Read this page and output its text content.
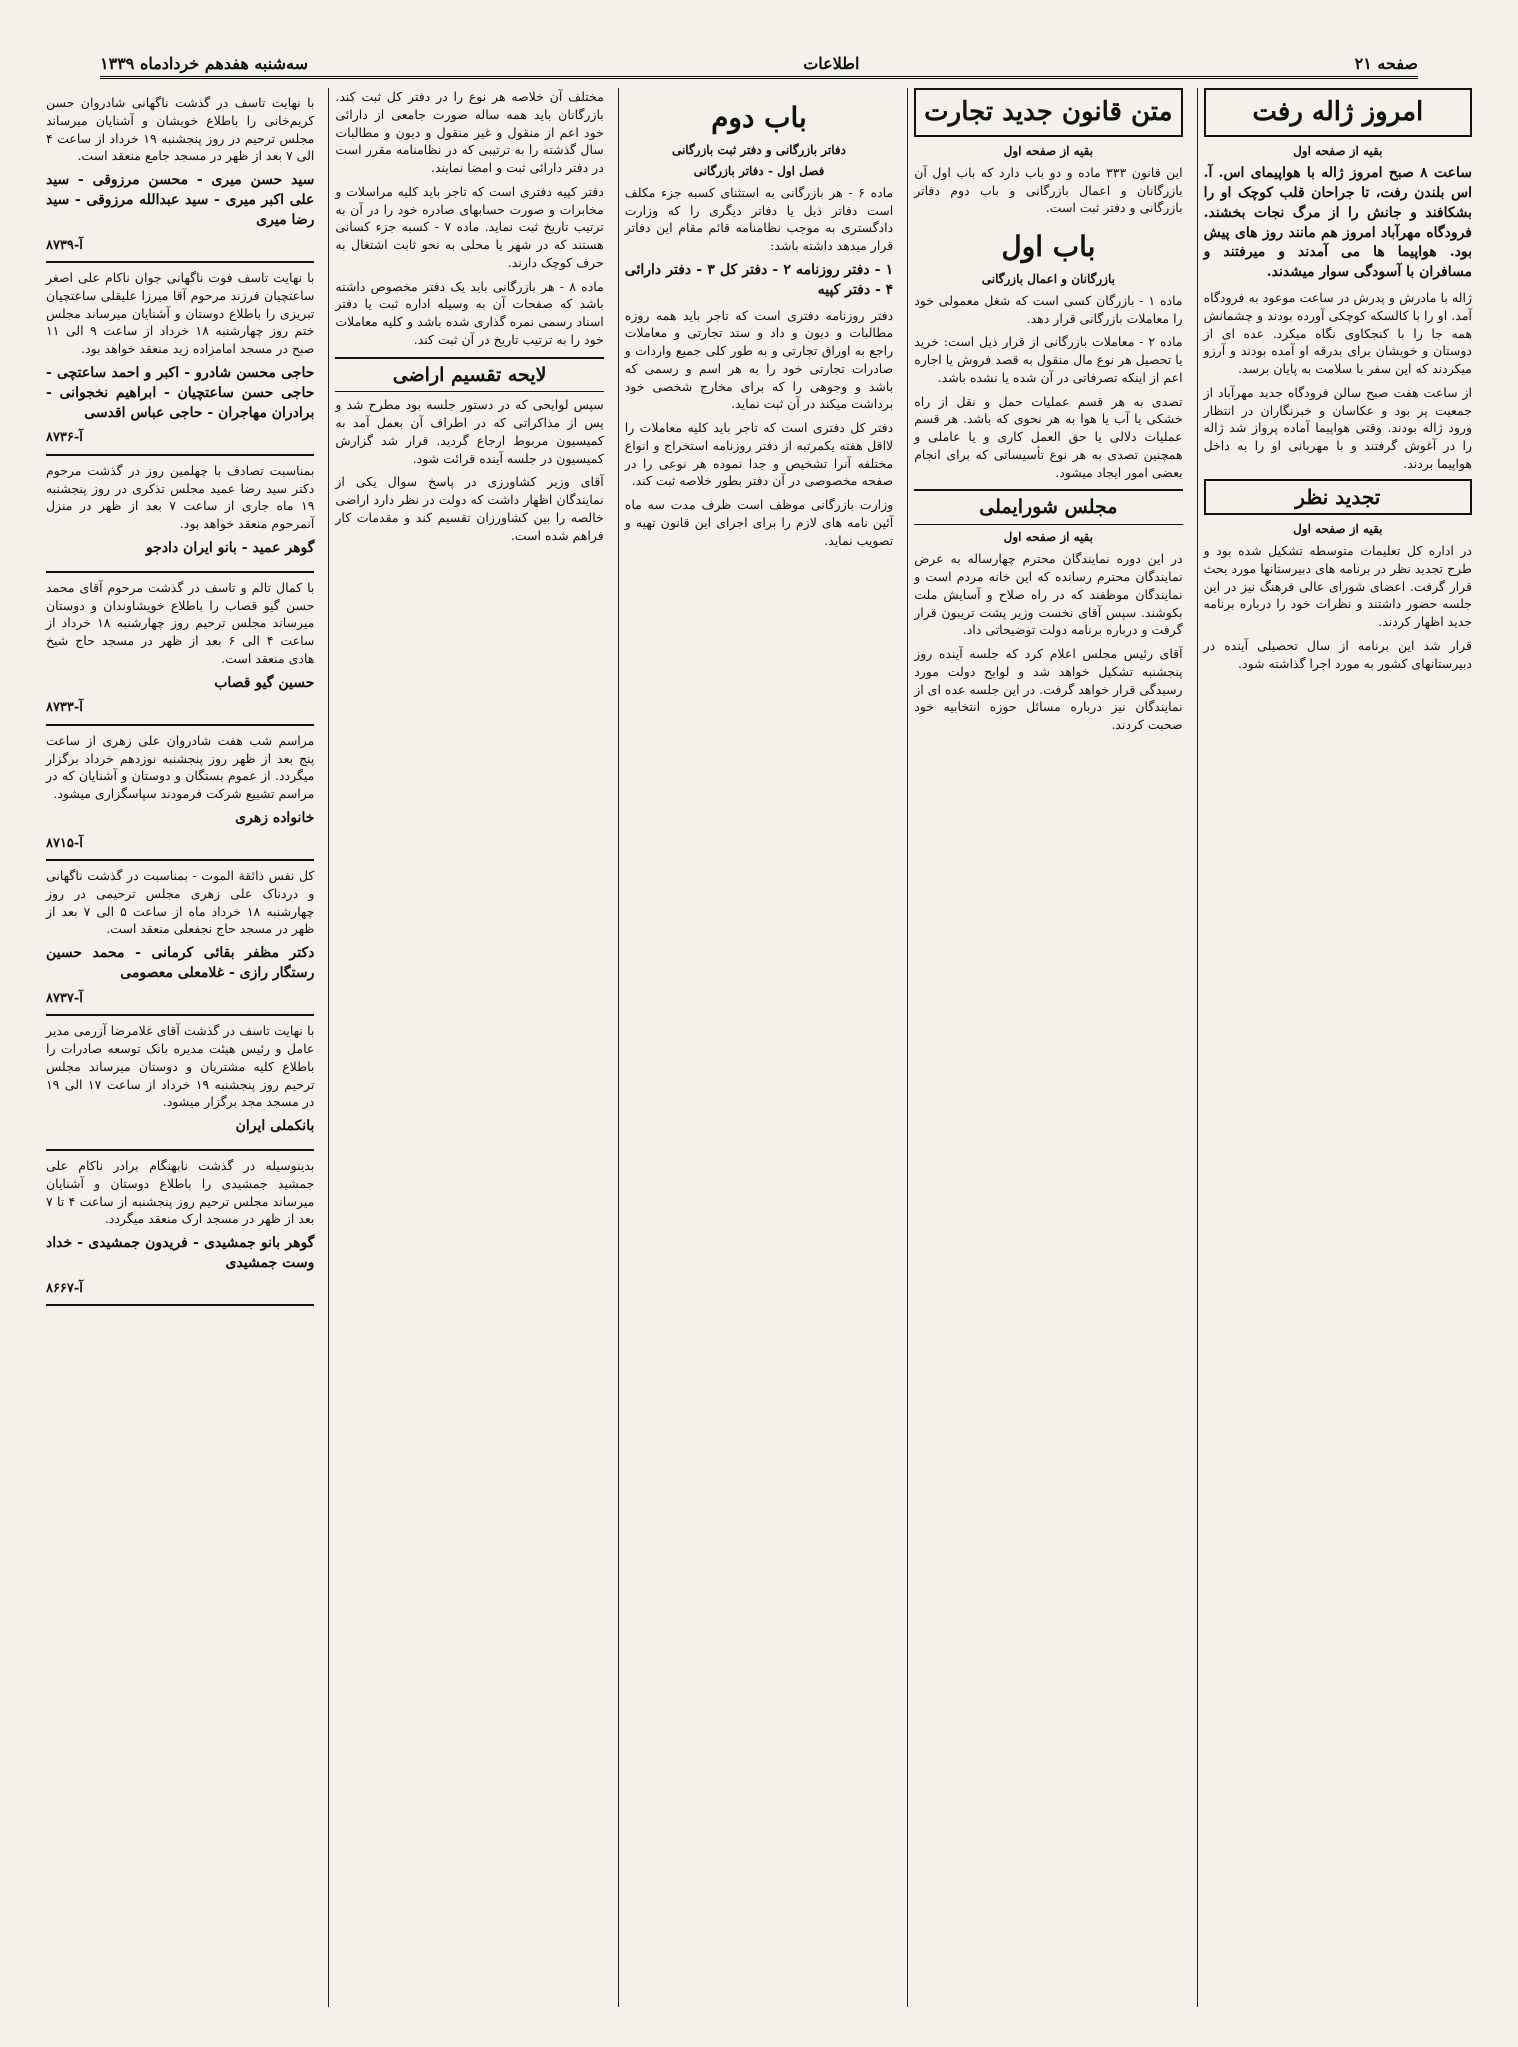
صفحه ۲۱
اطلاعات
سه‌شنبه هفدهم خردادماه ۱۳۳۹
امروز ژاله رفت
بقیه از صفحه اول

ساعت ۸ صبح امروز ژاله با هواپیمای اس. آ. اس بلندن رفت، تا جراحان قلب کوچک او را بشکافند و جانش را از مرگ نجات بخشند. فرودگاه مهرآباد امروز هم مانند روز های پیش بود. هواپیما ها می آمدند و میرفتند و مسافران با آسودگی سوار میشدند.

ژاله با مادرش و پدرش در ساعت موعود به فرودگاه آمد. او را با کالسکه کوچکی آورده بودند و چشمانش همه جا را با کنجکاوی نگاه میکرد. عده ای از دوستان و خویشان برای بدرقه او آمده بودند و آرزو میکردند که این سفر با سلامت به پایان برسد.

از ساعت هفت صبح سالن فرودگاه جدید مهرآباد از جمعیت پر بود و عکاسان و خبرنگاران در انتظار ورود ژاله بودند. وقتی هواپیما آماده پرواز شد ژاله را در آغوش گرفتند و با مهربانی او را به داخل هواپیما بردند.

تجدید نظر
بقیه از صفحه اول

در اداره کل تعلیمات متوسطه تشکیل شده بود و طرح تجدید نظر در برنامه های دبیرستانها مورد بحث قرار گرفت. اعضای شورای عالی فرهنگ نیز در این جلسه حضور داشتند و نظرات خود را درباره برنامه جدید اظهار کردند.

قرار شد این برنامه از سال تحصیلی آینده در دبیرستانهای کشور به مورد اجرا گذاشته شود.

متن قانون جدید تجارت
بقیه از صفحه اول

این قانون ۳۳۳ ماده و دو باب دارد که باب اول آن بازرگانان و اعمال بازرگانی و باب دوم دفاتر بازرگانی و دفتر ثبت است.

باب اول
بازرگانان و اعمال بازرگانی

ماده ۱ - بازرگان کسی است که شغل معمولی خود را معاملات بازرگانی قرار دهد.

ماده ۲ - معاملات بازرگانی از قرار ذیل است: خرید یا تحصیل هر نوع مال منقول به قصد فروش یا اجاره اعم از اینکه تصرفاتی در آن شده یا نشده باشد.

تصدی به هر قسم عملیات حمل و نقل از راه خشکی یا آب یا هوا به هر نحوی که باشد. هر قسم عملیات دلالی یا حق العمل کاری و یا عاملی و همچنین تصدی به هر نوع تأسیساتی که برای انجام بعضی امور ایجاد میشود.

مجلس شورایملی
بقیه از صفحه اول

در این دوره نمایندگان محترم چهارساله به عرض نمایندگان محترم رسانده که این خانه مردم است و نمایندگان موظفند که در راه صلاح و آسایش ملت بکوشند. سپس آقای نخست وزیر پشت تریبون قرار گرفت و درباره برنامه دولت توضیحاتی داد.

آقای رئیس مجلس اعلام کرد که جلسه آینده روز پنجشنبه تشکیل خواهد شد و لوایح دولت مورد رسیدگی قرار خواهد گرفت. در این جلسه عده ای از نمایندگان نیز درباره مسائل حوزه انتخابیه خود صحبت کردند.

باب دوم
دفاتر بازرگانی و دفتر ثبت بازرگانی
فصل اول - دفاتر بازرگانی

ماده ۶ - هر بازرگانی به استثنای کسبه جزء مکلف است دفاتر ذیل یا دفاتر دیگری را که وزارت دادگستری به موجب نظامنامه قائم مقام این دفاتر قرار میدهد داشته باشد:

۱ - دفتر روزنامه ۲ - دفتر کل ۳ - دفتر دارائی ۴ - دفتر کپیه

دفتر روزنامه دفتری است که تاجر باید همه روزه مطالبات و دیون و داد و ستد تجارتی و معاملات راجع به اوراق تجارتی و به طور کلی جمیع واردات و صادرات تجارتی خود را به هر اسم و رسمی که باشد و وجوهی را که برای مخارج شخصی خود برداشت میکند در آن ثبت نماید.

دفتر کل دفتری است که تاجر باید کلیه معاملات را لااقل هفته یکمرتبه از دفتر روزنامه استخراج و انواع مختلفه آنرا تشخیص و جدا نموده هر نوعی را در صفحه مخصوصی در آن دفتر بطور خلاصه ثبت کند.

وزارت بازرگانی موظف است ظرف مدت سه ماه آئین نامه های لازم را برای اجرای این قانون تهیه و تصویب نماید.

مختلف آن خلاصه هر نوع را در دفتر کل ثبت کند. بازرگانان باید همه ساله صورت جامعی از دارائی خود اعم از منقول و غیر منقول و دیون و مطالبات سال گذشته را به ترتیبی که در نظامنامه مقرر است در دفتر دارائی ثبت و امضا نمایند.

دفتر کپیه دفتری است که تاجر باید کلیه مراسلات و مخابرات و صورت حسابهای صادره خود را در آن به ترتیب تاریخ ثبت نماید. ماده ۷ - کسبه جزء کسانی هستند که در شهر یا محلی به نحو ثابت اشتغال به حرف کوچک دارند.

ماده ۸ - هر بازرگانی باید یک دفتر مخصوص داشته باشد که صفحات آن به وسیله اداره ثبت یا دفتر اسناد رسمی نمره گذاری شده باشد و کلیه معاملات خود را به ترتیب تاریخ در آن ثبت کند.

لایحه تقسیم اراضی

سپس لوایحی که در دستور جلسه بود مطرح شد و پس از مذاکراتی که در اطراف آن بعمل آمد به کمیسیون مربوط ارجاع گردید. قرار شد گزارش کمیسیون در جلسه آینده قرائت شود.

آقای وزیر کشاورزی در پاسخ سوال یکی از نمایندگان اظهار داشت که دولت در نظر دارد اراضی خالصه را بین کشاورزان تقسیم کند و مقدمات کار فراهم شده است.

با نهایت تاسف در گذشت ناگهانی شادروان حسن کریم‌خانی را باطلاع خویشان و آشنایان میرساند مجلس ترحیم در روز پنجشنبه ۱۹ خرداد از ساعت ۴ الی ۷ بعد از ظهر در مسجد جامع منعقد است.

سید حسن میری - محسن مرزوقی - سید علی اکبر میری - سید عبدالله مرزوقی - سید رضا میری

آ-۸۷۳۹

با نهایت تاسف فوت ناگهانی جوان ناکام علی اصغر ساعتچیان فرزند مرحوم آقا میرزا علیقلی ساعتچیان تبریزی را باطلاع دوستان و آشنایان میرساند مجلس ختم روز چهارشنبه ۱۸ خرداد از ساعت ۹ الی ۱۱ صبح در مسجد امامزاده زید منعقد خواهد بود.

حاجی محسن شادرو - اکبر و احمد ساعتچی - حاجی حسن ساعتچیان - ابراهیم نخجوانی - برادران مهاجران - حاجی عباس اقدسی

آ-۸۷۳۶

بمناسبت تصادف با چهلمین روز در گذشت مرحوم دکتر سید رضا عمید مجلس تذکری در روز پنجشنبه ۱۹ ماه جاری از ساعت ۷ بعد از ظهر در منزل آنمرحوم منعقد خواهد بود.

گوهر عمید - بانو ایران دادجو

با کمال تالم و تاسف در گذشت مرحوم آقای محمد حسن گیو قصاب را باطلاع خویشاوندان و دوستان میرساند مجلس ترحیم روز چهارشنبه ۱۸ خرداد از ساعت ۴ الی ۶ بعد از ظهر در مسجد حاج شیخ هادی منعقد است.

حسین گیو قصاب

آ-۸۷۳۳

مراسم شب هفت شادروان علی زهری از ساعت پنج بعد از ظهر روز پنجشنبه نوزدهم خرداد برگزار میگردد. از عموم بستگان و دوستان و آشنایان که در مراسم تشییع شرکت فرمودند سپاسگزاری میشود.

خانواده زهری

آ-۸۷۱۵

کل نفس ذائقة الموت - بمناسبت در گذشت ناگهانی و دردناک علی زهری مجلس ترحیمی در روز چهارشنبه ۱۸ خرداد ماه از ساعت ۵ الی ۷ بعد از ظهر در مسجد حاج نجفعلی منعقد است.

دکتر مظفر بقائی کرمانی - محمد حسین رستگار رازی - غلامعلی معصومی

آ-۸۷۳۷

با نهایت تاسف در گذشت آقای غلامرضا آزرمی مدیر عامل و رئیس هیئت مدیره بانک توسعه صادرات را باطلاع کلیه مشتریان و دوستان میرساند مجلس ترحیم روز پنجشنبه ۱۹ خرداد از ساعت ۱۷ الی ۱۹ در مسجد مجد برگزار میشود.

بانکملی ایران

بدینوسیله در گذشت نابهنگام برادر ناکام علی جمشید جمشیدی را باطلاع دوستان و آشنایان میرساند مجلس ترحیم روز پنجشنبه از ساعت ۴ تا ۷ بعد از ظهر در مسجد ارک منعقد میگردد.

گوهر بانو جمشیدی - فریدون جمشیدی - خداد وست جمشیدی

آ-۸۶۶۷
